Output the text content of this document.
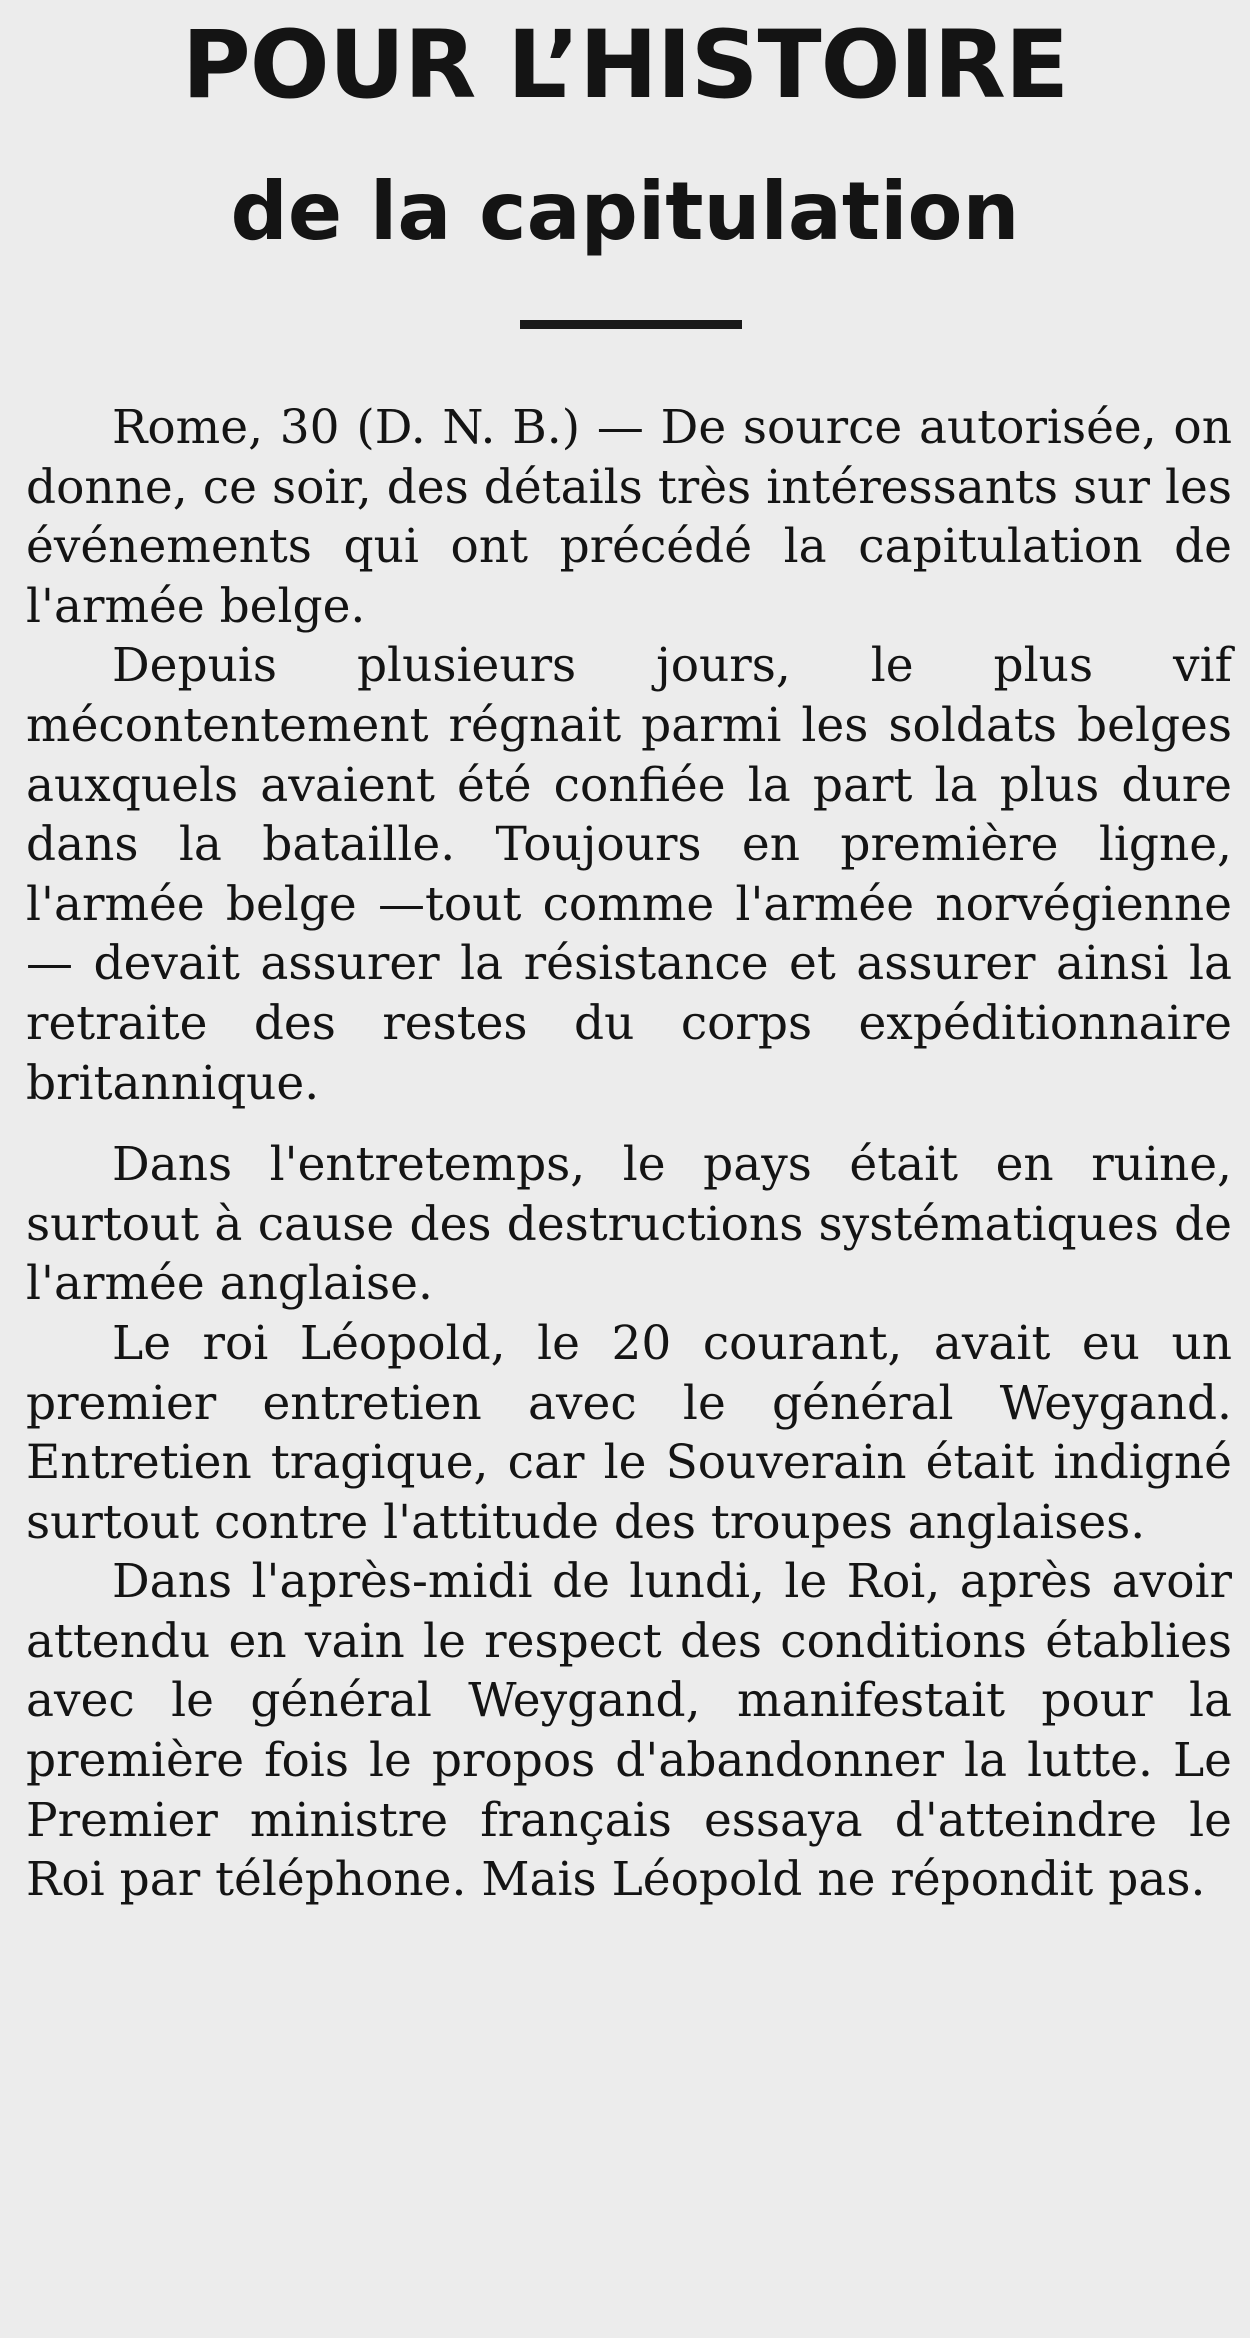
POUR L’HISTOIRE
de la capitulation

Rome, 30 (D. N. B.) — De source autorisée, on donne, ce soir, des détails très intéressants sur les événements qui ont précédé la capitulation de l'armée belge.

Depuis plusieurs jours, le plus vif mécontentement régnait parmi les soldats belges auxquels avaient été confiée la part la plus dure dans la bataille. Toujours en première ligne, l'armée belge —tout comme l'armée norvégienne — devait assurer la résistance et assurer ainsi la retraite des restes du corps expéditionnaire britannique.

Dans l'entretemps, le pays était en ruine, surtout à cause des destructions systématiques de l'armée anglaise.

Le roi Léopold, le 20 courant, avait eu un premier entretien avec le général Weygand. Entretien tragique, car le Souverain était indigné surtout contre l'attitude des troupes anglaises.

Dans l'après-midi de lundi, le Roi, après avoir attendu en vain le respect des conditions établies avec le général Weygand, manifestait pour la première fois le propos d'abandonner la lutte. Le Premier ministre français essaya d'atteindre le Roi par téléphone. Mais Léopold ne répondit pas.
